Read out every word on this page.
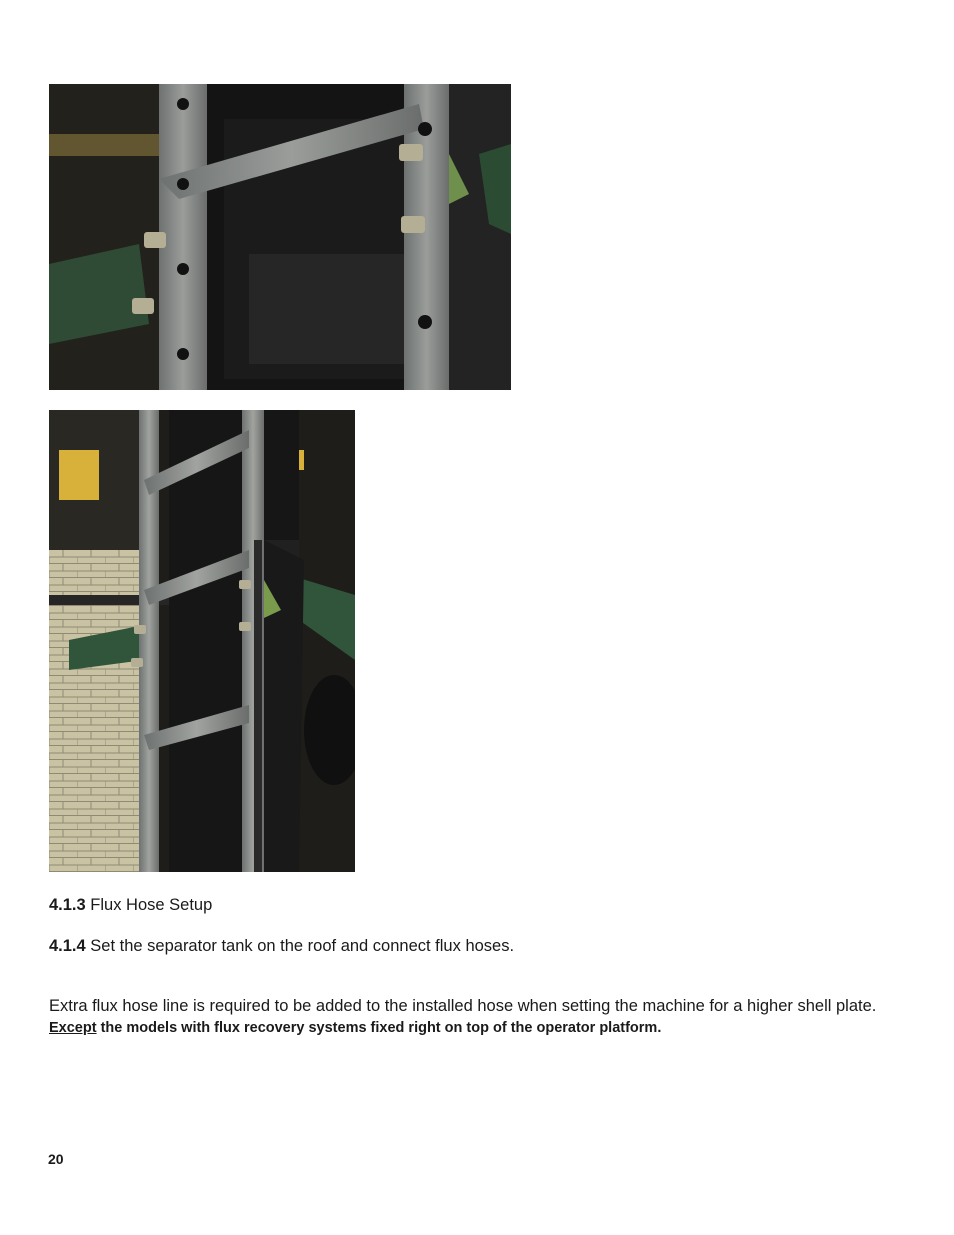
4.1.3 Flux Hose Setup

4.1.4 Set the separator tank on the roof and connect flux hoses.

Extra flux hose line is required to be added to the installed hose when setting the machine for a higher shell plate. Except the models with flux recovery systems fixed right on top of the operator platform.

20
